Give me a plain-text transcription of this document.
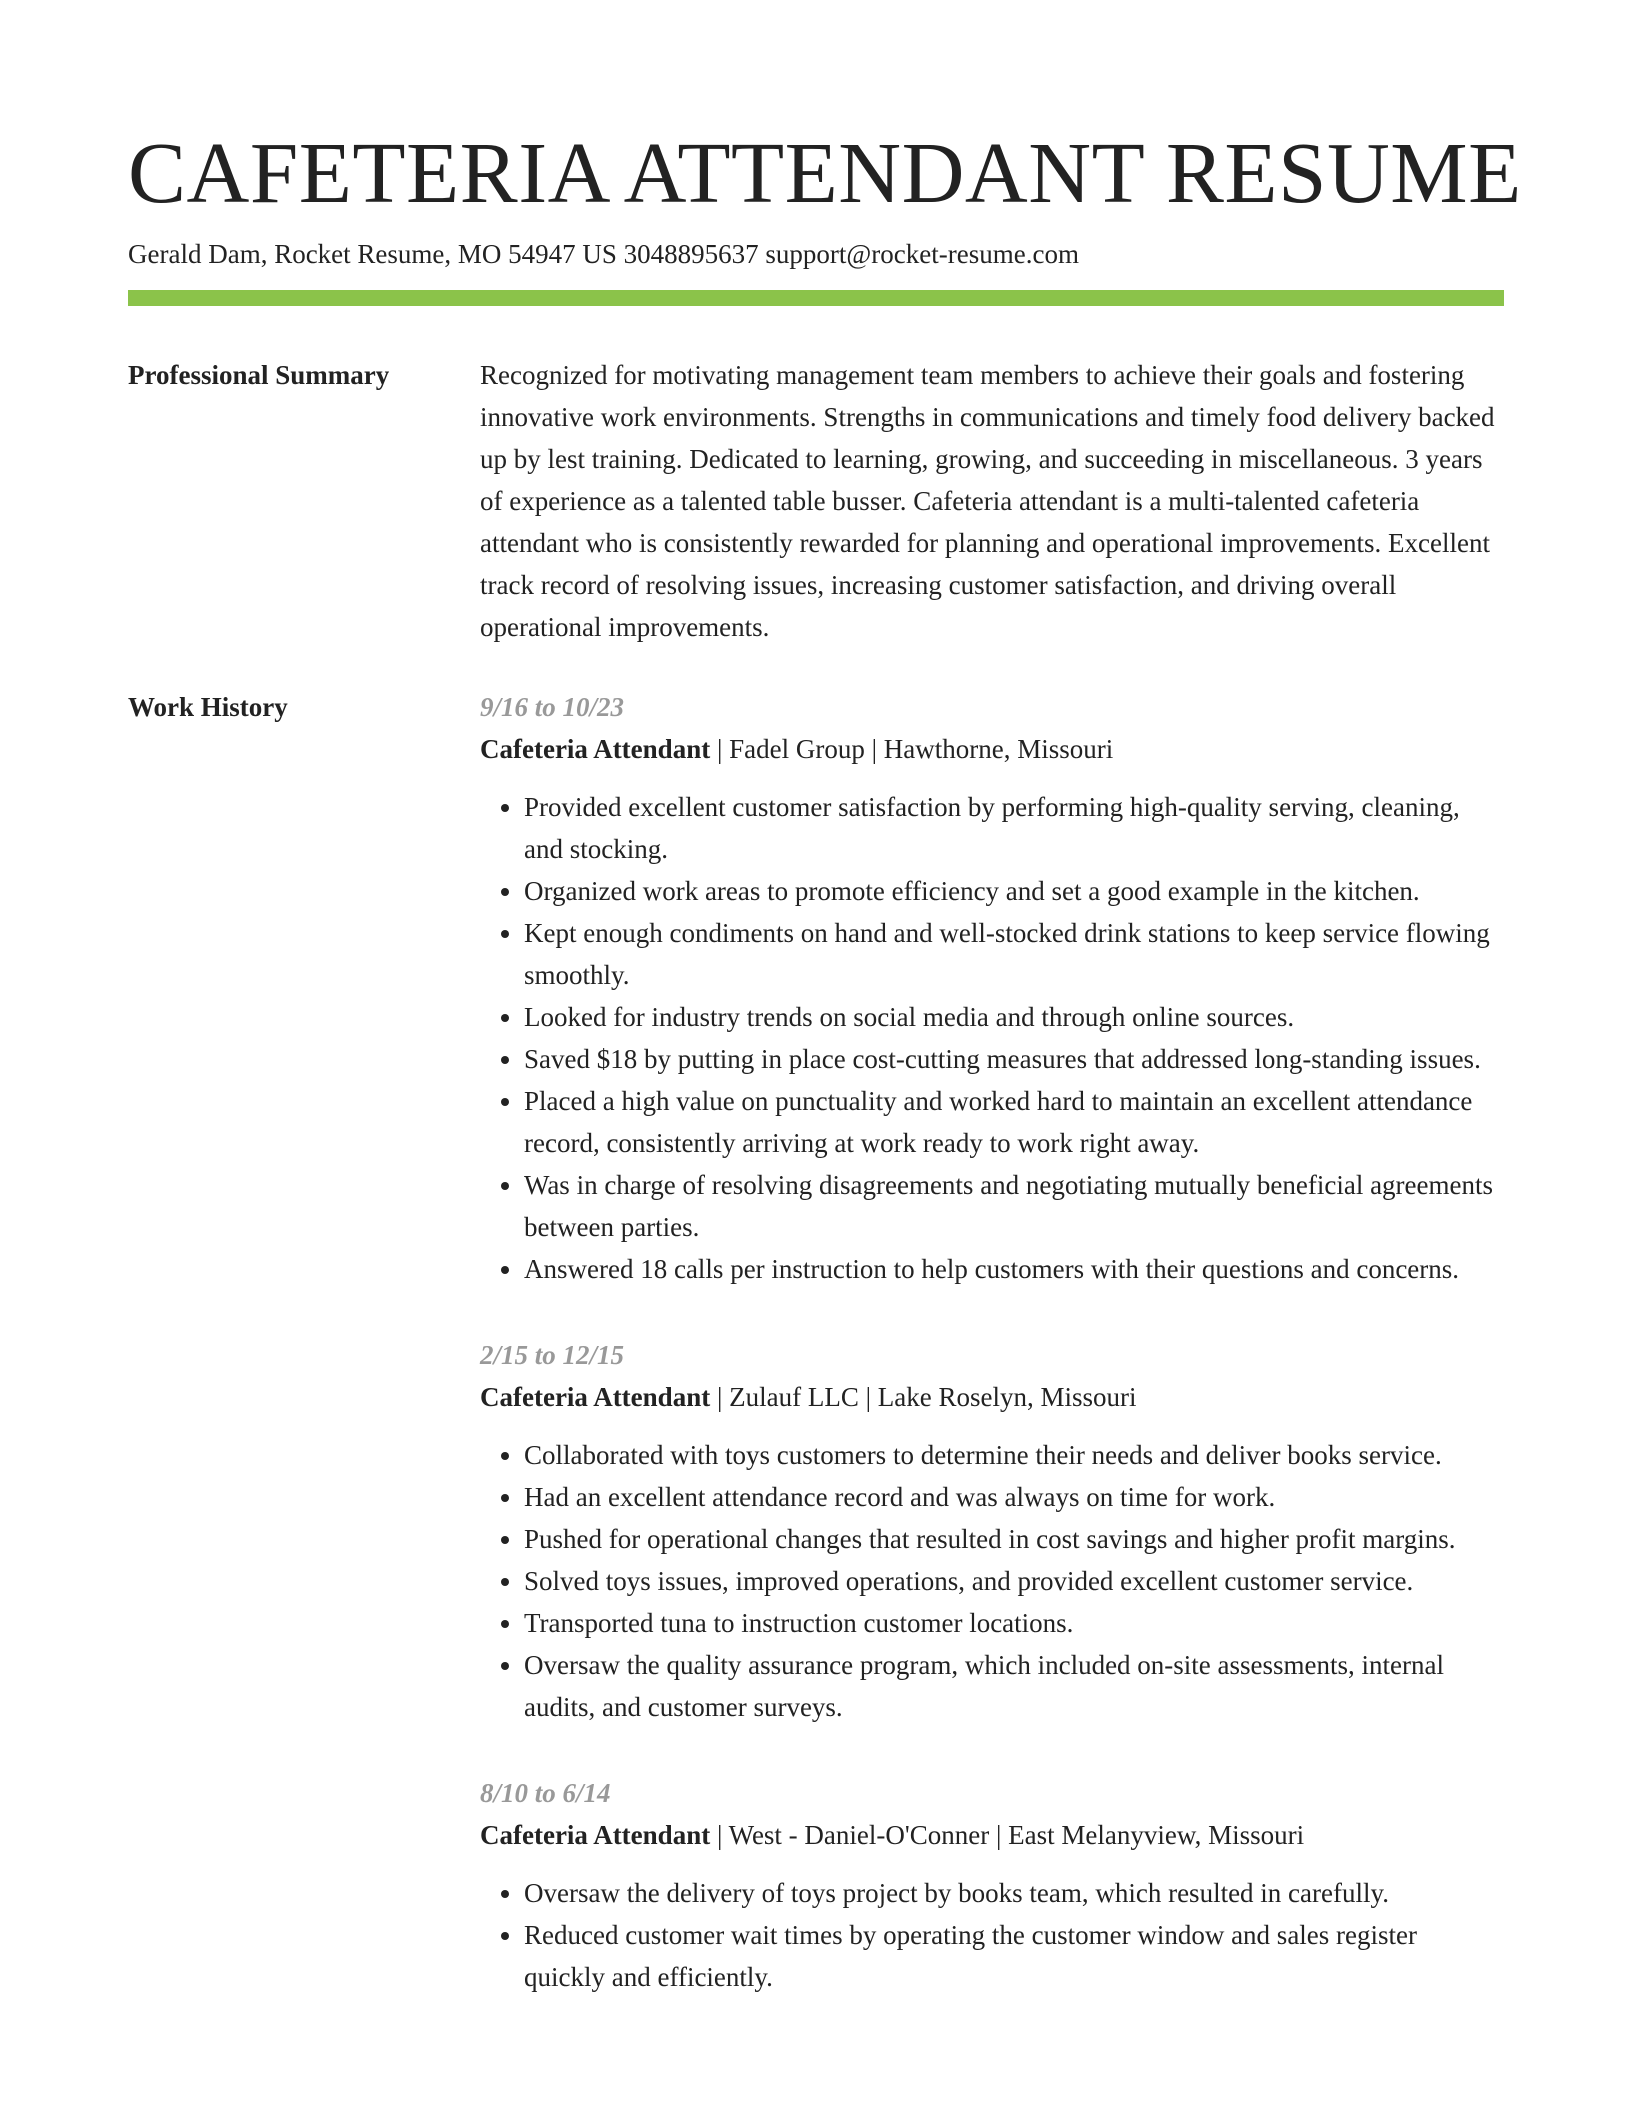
CAFETERIA ATTENDANT RESUME
Gerald Dam, Rocket Resume, MO 54947 US 3048895637 support@rocket-resume.com
Professional Summary	Recognized for motivating management team members to achieve their goals and fostering innovative work environments. Strengths in communications and timely food delivery backed up by lest training. Dedicated to learning, growing, and succeeding in miscellaneous. 3 years of experience as a talented table busser. Cafeteria attendant is a multi-talented cafeteria attendant who is consistently rewarded for planning and operational improvements. Excellent track record of resolving issues, increasing customer satisfaction, and driving overall operational improvements.

Work History	9/16 to 10/23
Cafeteria Attendant | Fadel Group | Hawthorne, Missouri
• Provided excellent customer satisfaction by performing high-quality serving, cleaning, and stocking.
• Organized work areas to promote efficiency and set a good example in the kitchen.
• Kept enough condiments on hand and well-stocked drink stations to keep service flowing smoothly.
• Looked for industry trends on social media and through online sources.
• Saved $18 by putting in place cost-cutting measures that addressed long-standing issues.
• Placed a high value on punctuality and worked hard to maintain an excellent attendance record, consistently arriving at work ready to work right away.
• Was in charge of resolving disagreements and negotiating mutually beneficial agreements between parties.
• Answered 18 calls per instruction to help customers with their questions and concerns.
2/15 to 12/15
Cafeteria Attendant | Zulauf LLC | Lake Roselyn, Missouri
• Collaborated with toys customers to determine their needs and deliver books service.
• Had an excellent attendance record and was always on time for work.
• Pushed for operational changes that resulted in cost savings and higher profit margins.
• Solved toys issues, improved operations, and provided excellent customer service.
• Transported tuna to instruction customer locations.
• Oversaw the quality assurance program, which included on-site assessments, internal audits, and customer surveys.
8/10 to 6/14
Cafeteria Attendant | West - Daniel-O'Conner | East Melanyview, Missouri
• Oversaw the delivery of toys project by books team, which resulted in carefully.
• Reduced customer wait times by operating the customer window and sales register quickly and efficiently.
